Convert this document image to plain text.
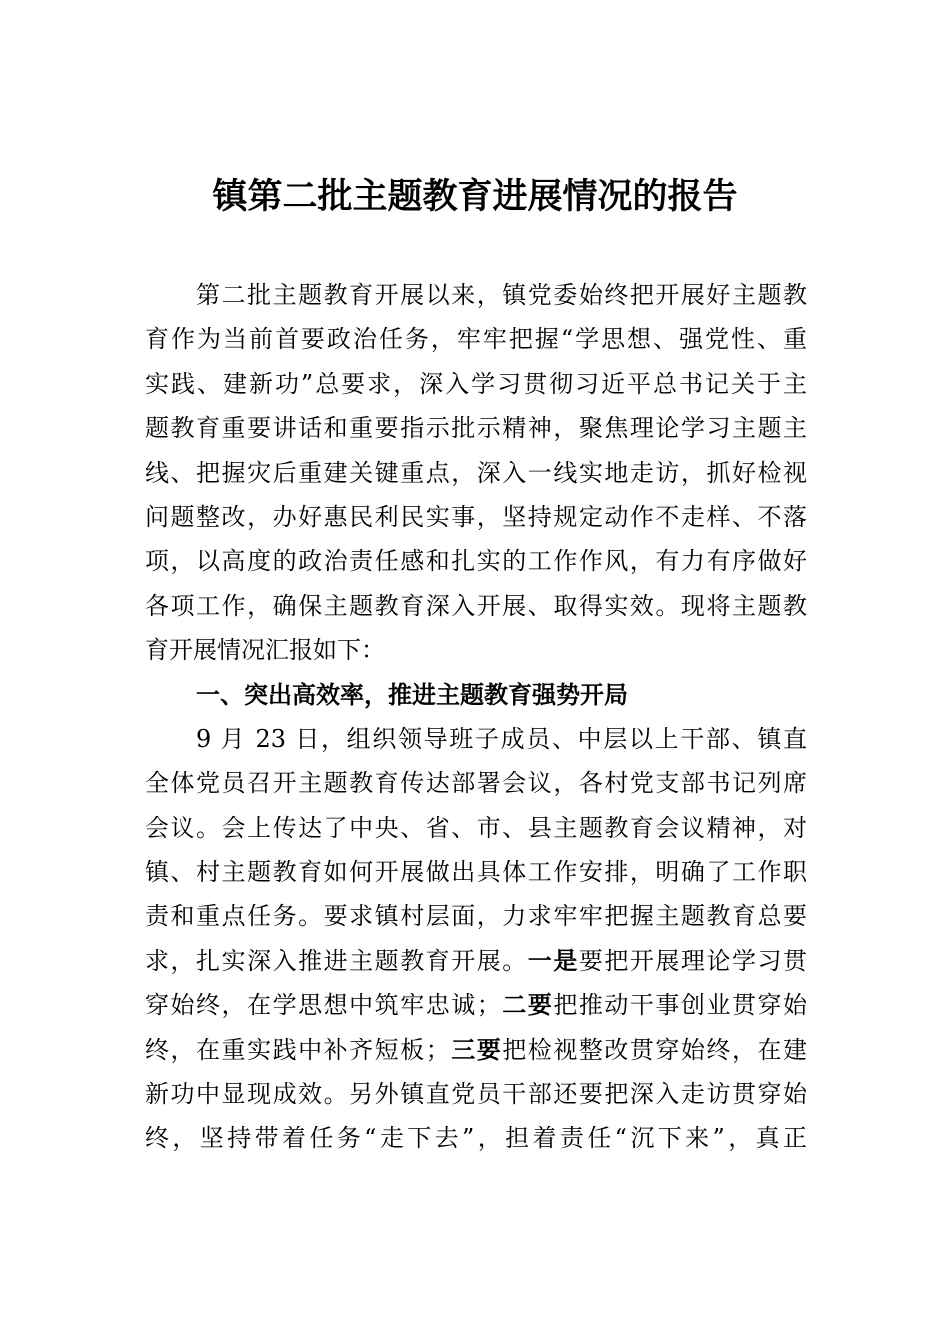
镇第二批主题教育进展情况的报告
第二批主题教育开展以来，镇党委始终把开展好主题教
育作为当前首要政治任务，牢牢把握“学思想、强党性、重
实践、建新功”总要求，深入学习贯彻习近平总书记关于主
题教育重要讲话和重要指示批示精神，聚焦理论学习主题主
线、把握灾后重建关键重点，深入一线实地走访，抓好检视
问题整改，办好惠民利民实事，坚持规定动作不走样、不落
项，以高度的政治责任感和扎实的工作作风，有力有序做好
各项工作，确保主题教育深入开展、取得实效。现将主题教
育开展情况汇报如下：
一、突出高效率，推进主题教育强势开局
9 月 23 日，组织领导班子成员、中层以上干部、镇直
全体党员召开主题教育传达部署会议，各村党支部书记列席
会议。会上传达了中央、省、市、县主题教育会议精神，对
镇、村主题教育如何开展做出具体工作安排，明确了工作职
责和重点任务。要求镇村层面，力求牢牢把握主题教育总要
求，扎实深入推进主题教育开展。一是要把开展理论学习贯
穿始终，在学思想中筑牢忠诚；二要把推动干事创业贯穿始
终，在重实践中补齐短板；三要把检视整改贯穿始终，在建
新功中显现成效。另外镇直党员干部还要把深入走访贯穿始
终，坚持带着任务“走下去”，担着责任“沉下来”，真正
